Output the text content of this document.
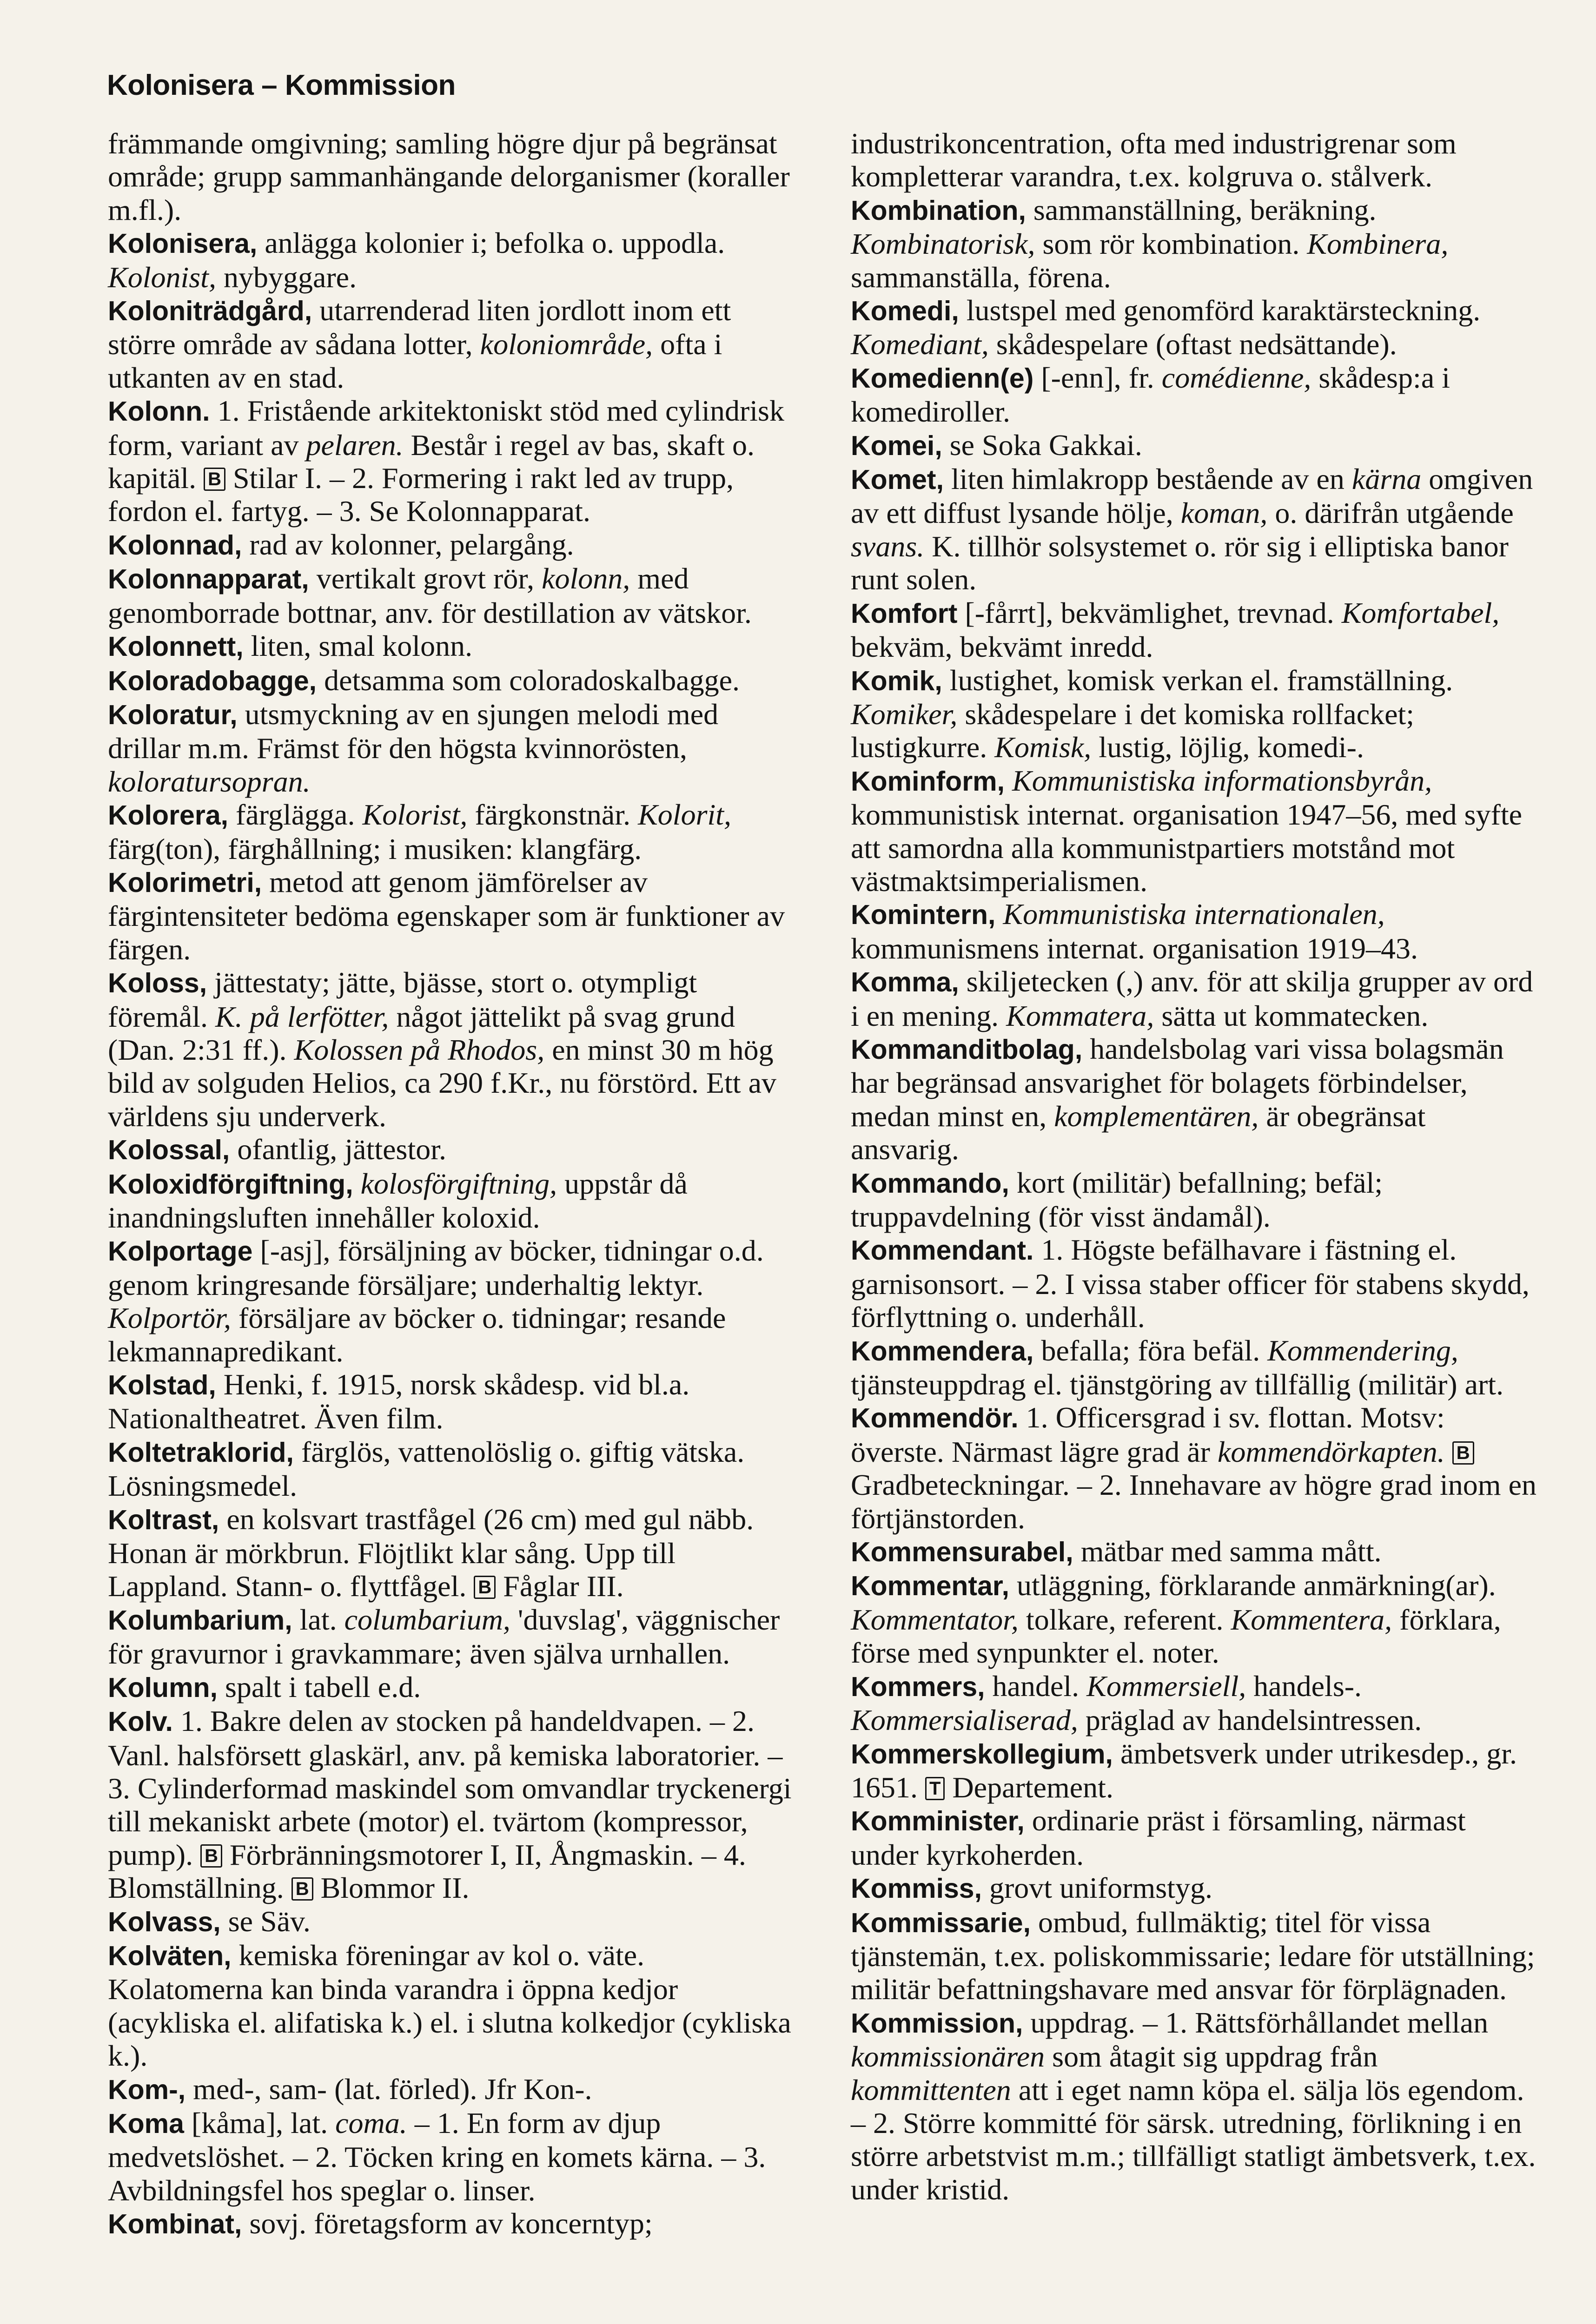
Kolonisera – Kommission

främmande omgivning; samling högre djur på begränsat område; grupp sammanhängande delorganismer (koraller m.fl.).

Kolonisera, anlägga kolonier i; befolka o. uppodla. Kolonist, nybyggare.

Koloniträdgård, utarrenderad liten jordlott inom ett större område av sådana lotter, koloniområde, ofta i utkanten av en stad.

Kolonn. 1. Fristående arkitektoniskt stöd med cylindrisk form, variant av pelaren. Består i regel av bas, skaft o. kapitäl. B Stilar I. – 2. Formering i rakt led av trupp, fordon el. fartyg. – 3. Se Kolonnapparat.

Kolonnad, rad av kolonner, pelargång.

Kolonnapparat, vertikalt grovt rör, kolonn, med genomborrade bottnar, anv. för destillation av vätskor.

Kolonnett, liten, smal kolonn.

Koloradobagge, detsamma som coloradoskalbagge.

Koloratur, utsmyckning av en sjungen melodi med drillar m.m. Främst för den högsta kvinnorösten, koloratursopran.

Kolorera, färglägga. Kolorist, färgkonstnär. Kolorit, färg(ton), färghållning; i musiken: klangfärg.

Kolorimetri, metod att genom jämförelser av färgintensiteter bedöma egenskaper som är funktioner av färgen.

Koloss, jättestaty; jätte, bjässe, stort o. otympligt föremål. K. på lerfötter, något jättelikt på svag grund (Dan. 2:31 ff.). Kolossen på Rhodos, en minst 30 m hög bild av solguden Helios, ca 290 f.Kr., nu förstörd. Ett av världens sju underverk.

Kolossal, ofantlig, jättestor.

Koloxidförgiftning, kolosförgiftning, uppstår då inandningsluften innehåller koloxid.

Kolportage [-asj], försäljning av böcker, tidningar o.d. genom kringresande försäljare; underhaltig lektyr. Kolportör, försäljare av böcker o. tidningar; resande lekmannapredikant.

Kolstad, Henki, f. 1915, norsk skådesp. vid bl.a. Nationaltheatret. Även film.

Koltetraklorid, färglös, vattenolöslig o. giftig vätska. Lösningsmedel.

Koltrast, en kolsvart trastfågel (26 cm) med gul näbb. Honan är mörkbrun. Flöjtlikt klar sång. Upp till Lappland. Stann- o. flyttfågel. B Fåglar III.

Kolumbarium, lat. columbarium, 'duvslag', väggnischer för gravurnor i gravkammare; även själva urnhallen.

Kolumn, spalt i tabell e.d.

Kolv. 1. Bakre delen av stocken på handeldvapen. – 2. Vanl. halsförsett glaskärl, anv. på kemiska laboratorier. – 3. Cylinderformad maskindel som omvandlar tryckenergi till mekaniskt arbete (motor) el. tvärtom (kompressor, pump). B Förbränningsmotorer I, II, Ångmaskin. – 4. Blomställning. B Blommor II.

Kolvass, se Säv.

Kolväten, kemiska föreningar av kol o. väte. Kolatomerna kan binda varandra i öppna kedjor (acykliska el. alifatiska k.) el. i slutna kolkedjor (cykliska k.).

Kom-, med-, sam- (lat. förled). Jfr Kon-.

Koma [kåma], lat. coma. – 1. En form av djup medvetslöshet. – 2. Töcken kring en komets kärna. – 3. Avbildningsfel hos speglar o. linser.

Kombinat, sovj. företagsform av koncerntyp;

industrikoncentration, ofta med industrigrenar som kompletterar varandra, t.ex. kolgruva o. stålverk.

Kombination, sammanställning, beräkning. Kombinatorisk, som rör kombination. Kombinera, sammanställa, förena.

Komedi, lustspel med genomförd karaktärsteckning. Komediant, skådespelare (oftast nedsättande).

Komedienn(e) [-enn], fr. comédienne, skådesp:a i komediroller.

Komei, se Soka Gakkai.

Komet, liten himlakropp bestående av en kärna omgiven av ett diffust lysande hölje, koman, o. därifrån utgående svans. K. tillhör solsystemet o. rör sig i elliptiska banor runt solen.

Komfort [-fårrt], bekvämlighet, trevnad. Komfortabel, bekväm, bekvämt inredd.

Komik, lustighet, komisk verkan el. framställning. Komiker, skådespelare i det komiska rollfacket; lustigkurre. Komisk, lustig, löjlig, komedi-.

Kominform, Kommunistiska informationsbyrån, kommunistisk internat. organisation 1947–56, med syfte att samordna alla kommunistpartiers motstånd mot västmaktsimperialismen.

Komintern, Kommunistiska internationalen, kommunismens internat. organisation 1919–43.

Komma, skiljetecken (,) anv. för att skilja grupper av ord i en mening. Kommatera, sätta ut kommatecken.

Kommanditbolag, handelsbolag vari vissa bolagsmän har begränsad ansvarighet för bolagets förbindelser, medan minst en, komplementären, är obegränsat ansvarig.

Kommando, kort (militär) befallning; befäl; truppavdelning (för visst ändamål).

Kommendant. 1. Högste befälhavare i fästning el. garnisonsort. – 2. I vissa staber officer för stabens skydd, förflyttning o. underhåll.

Kommendera, befalla; föra befäl. Kommendering, tjänsteuppdrag el. tjänstgöring av tillfällig (militär) art.

Kommendör. 1. Officersgrad i sv. flottan. Motsv: överste. Närmast lägre grad är kommendörkapten. B Gradbeteckningar. – 2. Innehavare av högre grad inom en förtjänstorden.

Kommensurabel, mätbar med samma mått.

Kommentar, utläggning, förklarande anmärkning(ar). Kommentator, tolkare, referent. Kommentera, förklara, förse med synpunkter el. noter.

Kommers, handel. Kommersiell, handels-. Kommersialiserad, präglad av handelsintressen.

Kommerskollegium, ämbetsverk under utrikesdep., gr. 1651. T Departement.

Komminister, ordinarie präst i församling, närmast under kyrkoherden.

Kommiss, grovt uniformstyg.

Kommissarie, ombud, fullmäktig; titel för vissa tjänstemän, t.ex. poliskommissarie; ledare för utställning; militär befattningshavare med ansvar för förplägnaden.

Kommission, uppdrag. – 1. Rättsförhållandet mellan kommissionären som åtagit sig uppdrag från kommittenten att i eget namn köpa el. sälja lös egendom. – 2. Större kommitté för särsk. utredning, förlikning i en större arbetstvist m.m.; tillfälligt statligt ämbetsverk, t.ex. under kristid.
